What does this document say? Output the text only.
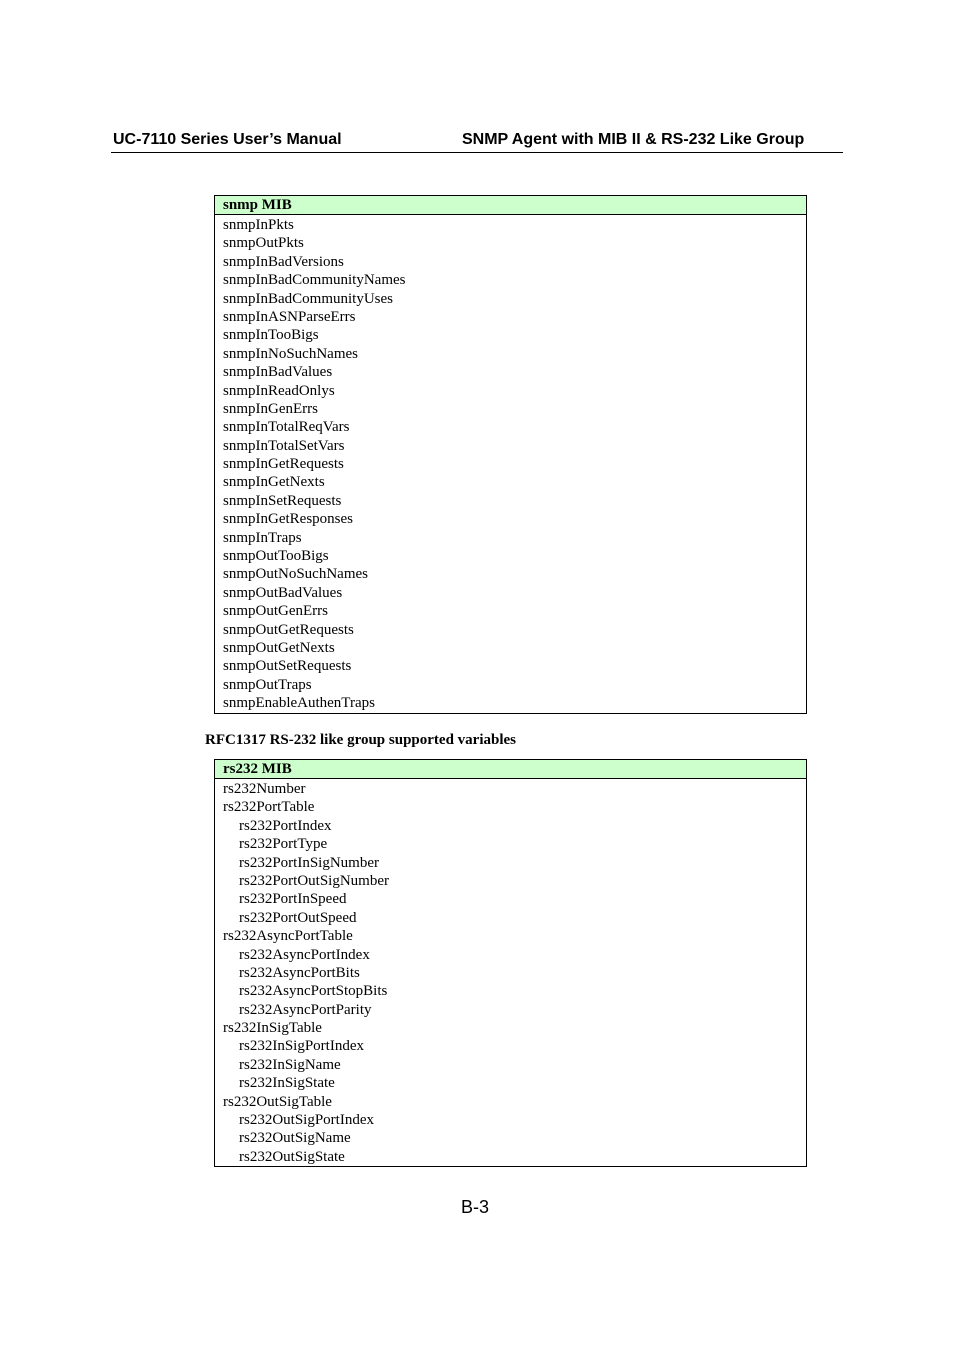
UC-7110 Series User’s Manual	SNMP Agent with MIB II & RS-232 Like Group
snmp MIB
snmpInPkts
snmpOutPkts
snmpInBadVersions
snmpInBadCommunityNames
snmpInBadCommunityUses
snmpInASNParseErrs
snmpInTooBigs
snmpInNoSuchNames
snmpInBadValues
snmpInReadOnlys
snmpInGenErrs
snmpInTotalReqVars
snmpInTotalSetVars
snmpInGetRequests
snmpInGetNexts
snmpInSetRequests
snmpInGetResponses
snmpInTraps
snmpOutTooBigs
snmpOutNoSuchNames
snmpOutBadValues
snmpOutGenErrs
snmpOutGetRequests
snmpOutGetNexts
snmpOutSetRequests
snmpOutTraps
snmpEnableAuthenTraps
RFC1317 RS-232 like group supported variables
rs232 MIB
rs232Number
rs232PortTable
rs232PortIndex
rs232PortType
rs232PortInSigNumber
rs232PortOutSigNumber
rs232PortInSpeed
rs232PortOutSpeed
rs232AsyncPortTable
rs232AsyncPortIndex
rs232AsyncPortBits
rs232AsyncPortStopBits
rs232AsyncPortParity
rs232InSigTable
rs232InSigPortIndex
rs232InSigName
rs232InSigState
rs232OutSigTable
rs232OutSigPortIndex
rs232OutSigName
rs232OutSigState
B-3
